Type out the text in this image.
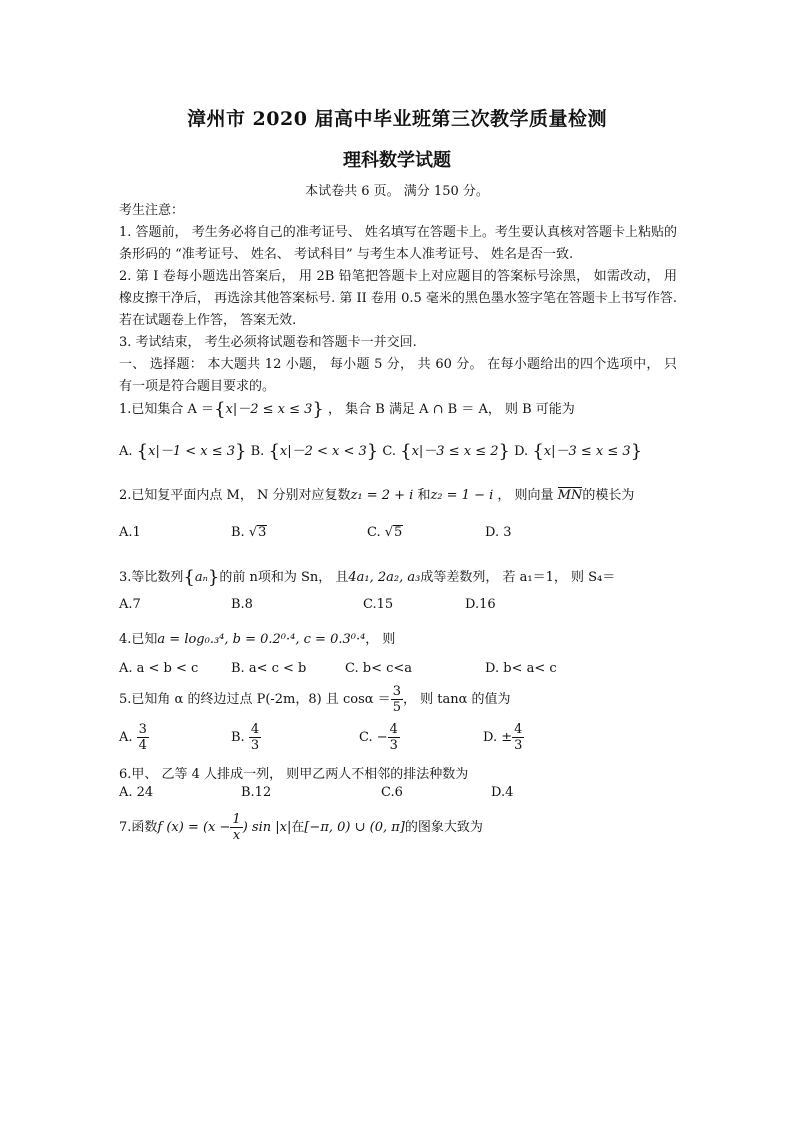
漳州市 2020 届高中毕业班第三次教学质量检测
理科数学试题
本试卷共 6 页。 满分 150 分。
考生注意：
1. 答题前， 考生务必将自己的准考证号、 姓名填写在答题卡上。考生要认真核对答题卡上粘贴的条形码的 “准考证号、 姓名、 考试科目” 与考生本人准考证号、 姓名是否一致.
2. 第 I 卷每小题选出答案后， 用 2B 铅笔把答题卡上对应题目的答案标号涂黑， 如需改动， 用橡皮擦干净后， 再选涂其他答案标号. 第 II 卷用 0.5 毫米的黑色墨水签字笔在答题卡上书写作答. 若在试题卷上作答， 答案无效.
3. 考试结束， 考生必须将试题卷和答题卡一并交回.
一、 选择题： 本大题共 12 小题， 每小题 5 分， 共 60 分。 在每小题给出的四个选项中， 只有一项是符合题目要求的。
1.已知集合 A ＝{x|－2 ≤ x ≤ 3} ， 集合 B 满足 A ∩ B ＝ A， 则 B 可能为
A. {x|－1 < x ≤ 3} B. {x|－2 < x < 3} C. {x|－3 ≤ x ≤ 2} D. {x|－3 ≤ x ≤ 3}
2.已知复平面内点 M， N 分别对应复数z₁ = 2 + i 和z₂ = 1 − i ， 则向量 MN的模长为
A.1	B. √3	C. √5	D. 3
3.等比数列{aₙ}的前 n项和为 Sn， 且4a₁, 2a₂, a₃成等差数列， 若 a₁＝1， 则 S₄＝
A.7	B.8	C.15	D.16
4.已知a = log₀.₃⁴, b = 0.2⁰·⁴, c = 0.3⁰·⁴， 则
A. a < b < c	B. a< c < b	C. b< c<a	D. b< a< c
5.已知角 α 的终边过点 P(-2m，8) 且 $\cos\alpha = \frac{3}{5}$ ， 则 tanα 的值为
A. $\frac{3}{4}$	B. $\frac{4}{3}$	C. − $\frac{4}{3}$	D. ± $\frac{4}{3}$
6.甲、 乙等 4 人排成一列， 则甲乙两人不相邻的排法种数为
A. 24	B.12	C.6	D.4
7.函数f $(x) = (x - \frac{1}{x}$ ) sin |x|在[−π, 0) ∪ (0, π]的图象大致为
